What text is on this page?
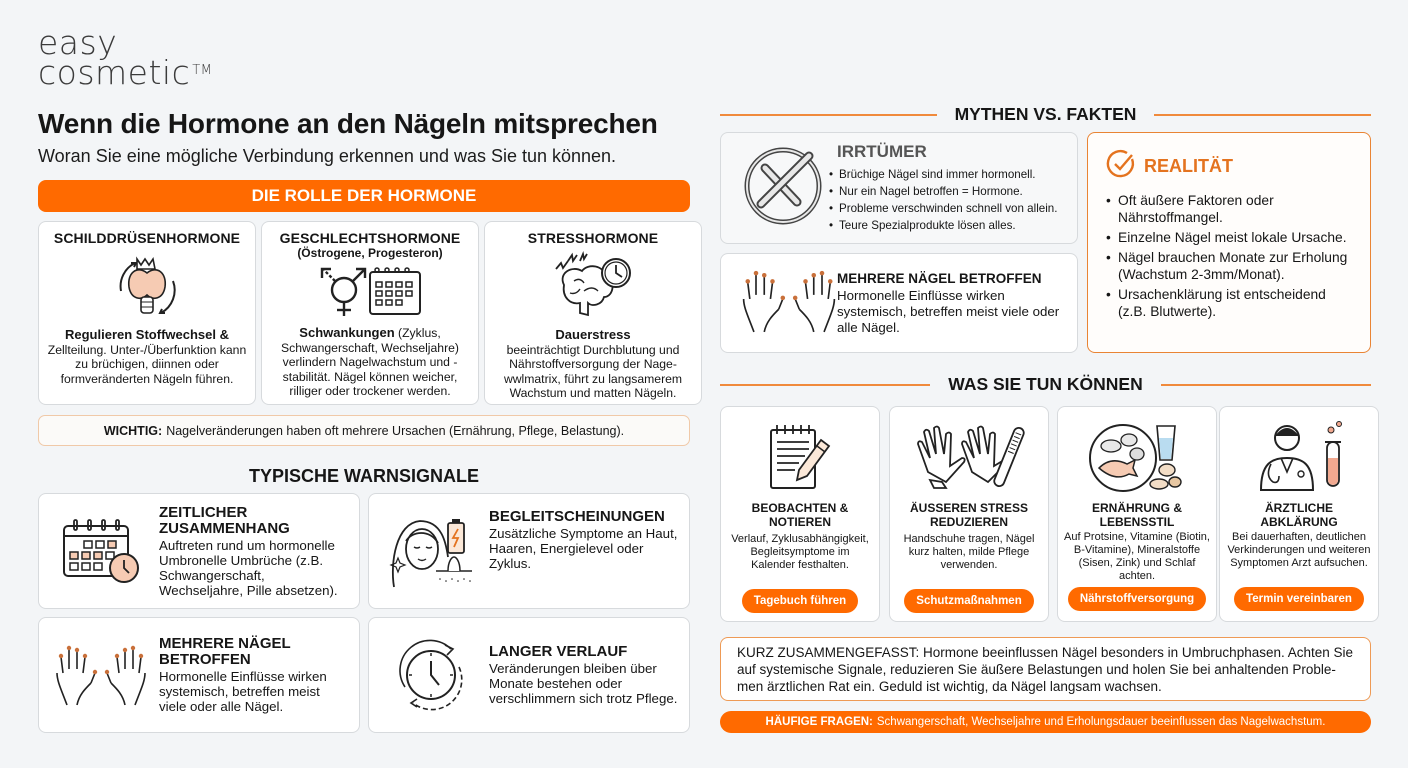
easy
cosmetic ™
Wenn die Hormone an den Nägeln mitsprechen
Woran Sie eine mögliche Verbindung erkennen und was Sie tun können.
DIE ROLLE DER HORMONE
SCHILDDRÜSENHORMONE

Regulieren Stoffwechsel &
Zellteilung. Unter-/Überfunktion kann zu brüchigen, diinnen oder formveränderten Nägeln führen.

GESCHLECHTSHORMONE
(Östrogene, Progesteron)

Schwankungen (Zyklus, Schwangerschaft, Wechseljahre) verlindern Nagelwachstum und -stabilität. Nägel können weicher, rilliger oder trockener werden.

STRESSHORMONE

Dauerstress
beeinträchtigt Durchblutung und Nährstoffversorgung der Nage-wwlmatrix, führt zu langsamerem Wachstum und matten Nägeln.

WICHTIG: Nagelveränderungen haben oft mehrere Ursachen (Ernährung, Pflege, Belastung).
TYPISCHE WARNSIGNALE
ZEITLICHER ZUSAMMENHANG

Auftreten rund um hormonelle Umbronelle Umbrüche (z.B. Schwangerschaft, Wechseljahre, Pille absetzen).

BEGLEITSCHEINUNGEN

Zusätzliche Symptome an Haut, Haaren, Energielevel oder Zyklus.

MEHRERE NÄGEL BETROFFEN

Hormonelle Einflüsse wirken systemisch, betreffen meist viele oder alle Nägel.

LANGER VERLAUF

Veränderungen bleiben über Monate bestehen oder verschlimmern sich trotz Pflege.

MYTHEN VS. FAKTEN
IRRTÜMER
• Brüchige Nägel sind immer hormonell.
• Nur ein Nagel betroffen = Hormone.
• Probleme verschwinden schnell von allein.
• Teure Spezialprodukte lösen alles.
MEHRERE NÄGEL BETROFFEN

Hormonelle Einflüsse wirken systemisch, betreffen meist viele oder alle Nägel.

REALITÄT
• Oft äußere Faktoren oder Nährstoffmangel.
• Einzelne Nägel meist lokale Ursache.
• Nägel brauchen Monate zur Erholung (Wachstum 2-3mm/Monat).
• Ursachenklärung ist entscheidend (z.B. Blutwerte).
WAS SIE TUN KÖNNEN
BEOBACHTEN & NOTIEREN

Verlauf, Zyklusabhängigkeit, Begleitsymptome im Kalender festhalten.

Tagebuch führen
ÄUSSEREN STRESS REDUZIEREN

Handschuhe tragen, Nägel kurz halten, milde Pflege verwenden.

Schutzmaßnahmen
ERNÄHRUNG & LEBENSSTIL

Auf Protsine, Vitamine (Biotin, B-Vitamine), Mineralstoffe (Sisen, Zink) und Schlaf achten.

Nährstoffversorgung
ÄRZTLICHE ABKLÄRUNG

Bei dauerhaften, deutlichen Verkinderungen und weiteren Symptomen Arzt aufsuchen.

Termin vereinbaren
KURZ ZUSAMMENGEFASST: Hormone beeinflussen Nägel besonders in Umbruchphasen. Achten Sie auf systemische Signale, reduzieren Sie äußere Belastungen und holen Sie bei anhaltenden Proble-men ärztlichen Rat ein. Geduld ist wichtig, da Nägel langsam wachsen.
HÄUFIGE FRAGEN: Schwangerschaft, Wechseljahre und Erholungsdauer beeinflussen das Nagelwachstum.
